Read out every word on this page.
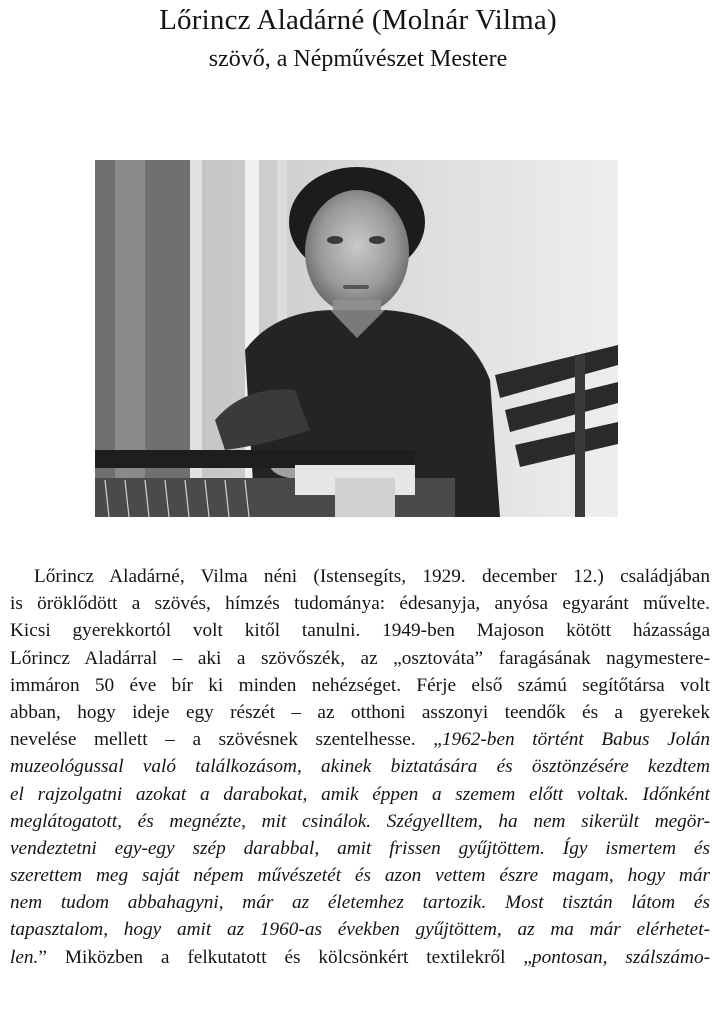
Lőrincz Aladárné (Molnár Vilma)
szövő, a Népművészet Mestere
Lőrincz Aladárné, Vilma néni (Istensegíts, 1929. december 12.) családjában
is öröklődött a szövés, hímzés tudománya: édesanyja, anyósa egyaránt művelte.
Kicsi gyerekkortól volt kitől tanulni. 1949-ben Majoson kötött házassága
Lőrincz Aladárral – aki a szövőszék, az „osztováta” faragásának nagymestere-
immáron 50 éve bír ki minden nehézséget. Férje első számú segítőtársa volt
abban, hogy ideje egy részét – az otthoni asszonyi teendők és a gyerekek
nevelése mellett – a szövésnek szentelhesse. „1962-ben történt Babus Jolán
muzeológussal való találkozásom, akinek biztatására és ösztönzésére kezdtem
el rajzolgatni azokat a darabokat, amik éppen a szemem előtt voltak. Időnként
meglátogatott, és megnézte, mit csinálok. Szégyelltem, ha nem sikerült megör-
vendeztetni egy-egy szép darabbal, amit frissen gyűjtöttem. Így ismertem és
szerettem meg saját népem művészetét és azon vettem észre magam, hogy már
nem tudom abbahagyni, már az életemhez tartozik. Most tisztán látom és
tapasztalom, hogy amit az 1960-as években gyűjtöttem, az ma már elérhetet-
len.” Miközben a felkutatott és kölcsönkért textilekről „pontosan, szálszámo-
